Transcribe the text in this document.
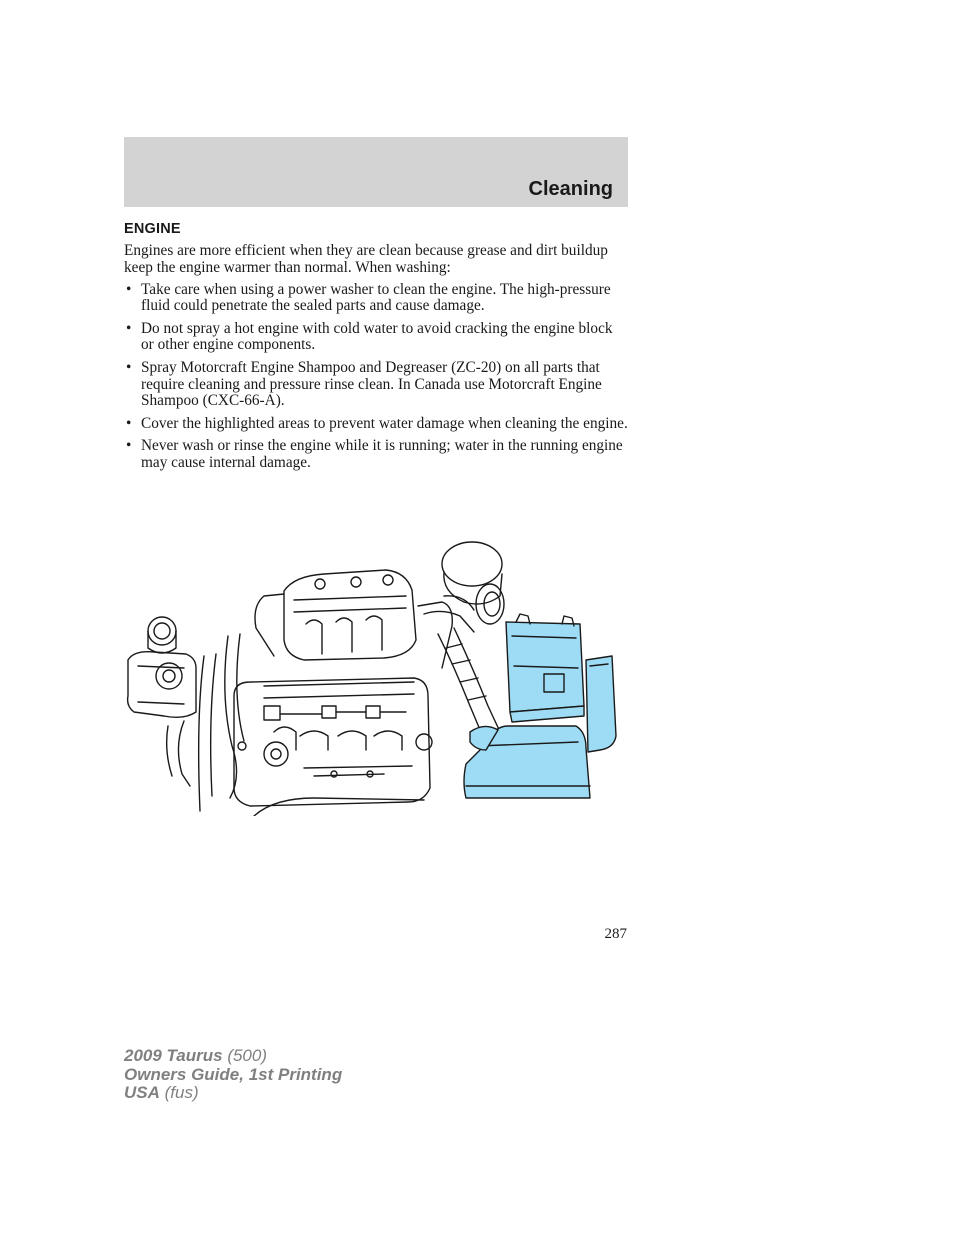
Cleaning
ENGINE

Engines are more efficient when they are clean because grease and dirt buildup keep the engine warmer than normal. When washing:

• Take care when using a power washer to clean the engine. The high-pressure fluid could penetrate the sealed parts and cause damage.
• Do not spray a hot engine with cold water to avoid cracking the engine block or other engine components.
• Spray Motorcraft Engine Shampoo and Degreaser (ZC-20) on all parts that require cleaning and pressure rinse clean. In Canada use Motorcraft Engine Shampoo (CXC-66-A).
• Cover the highlighted areas to prevent water damage when cleaning the engine.
• Never wash or rinse the engine while it is running; water in the running engine may cause internal damage.
287
2009 Taurus (500)
Owners Guide, 1st Printing
USA (fus)
